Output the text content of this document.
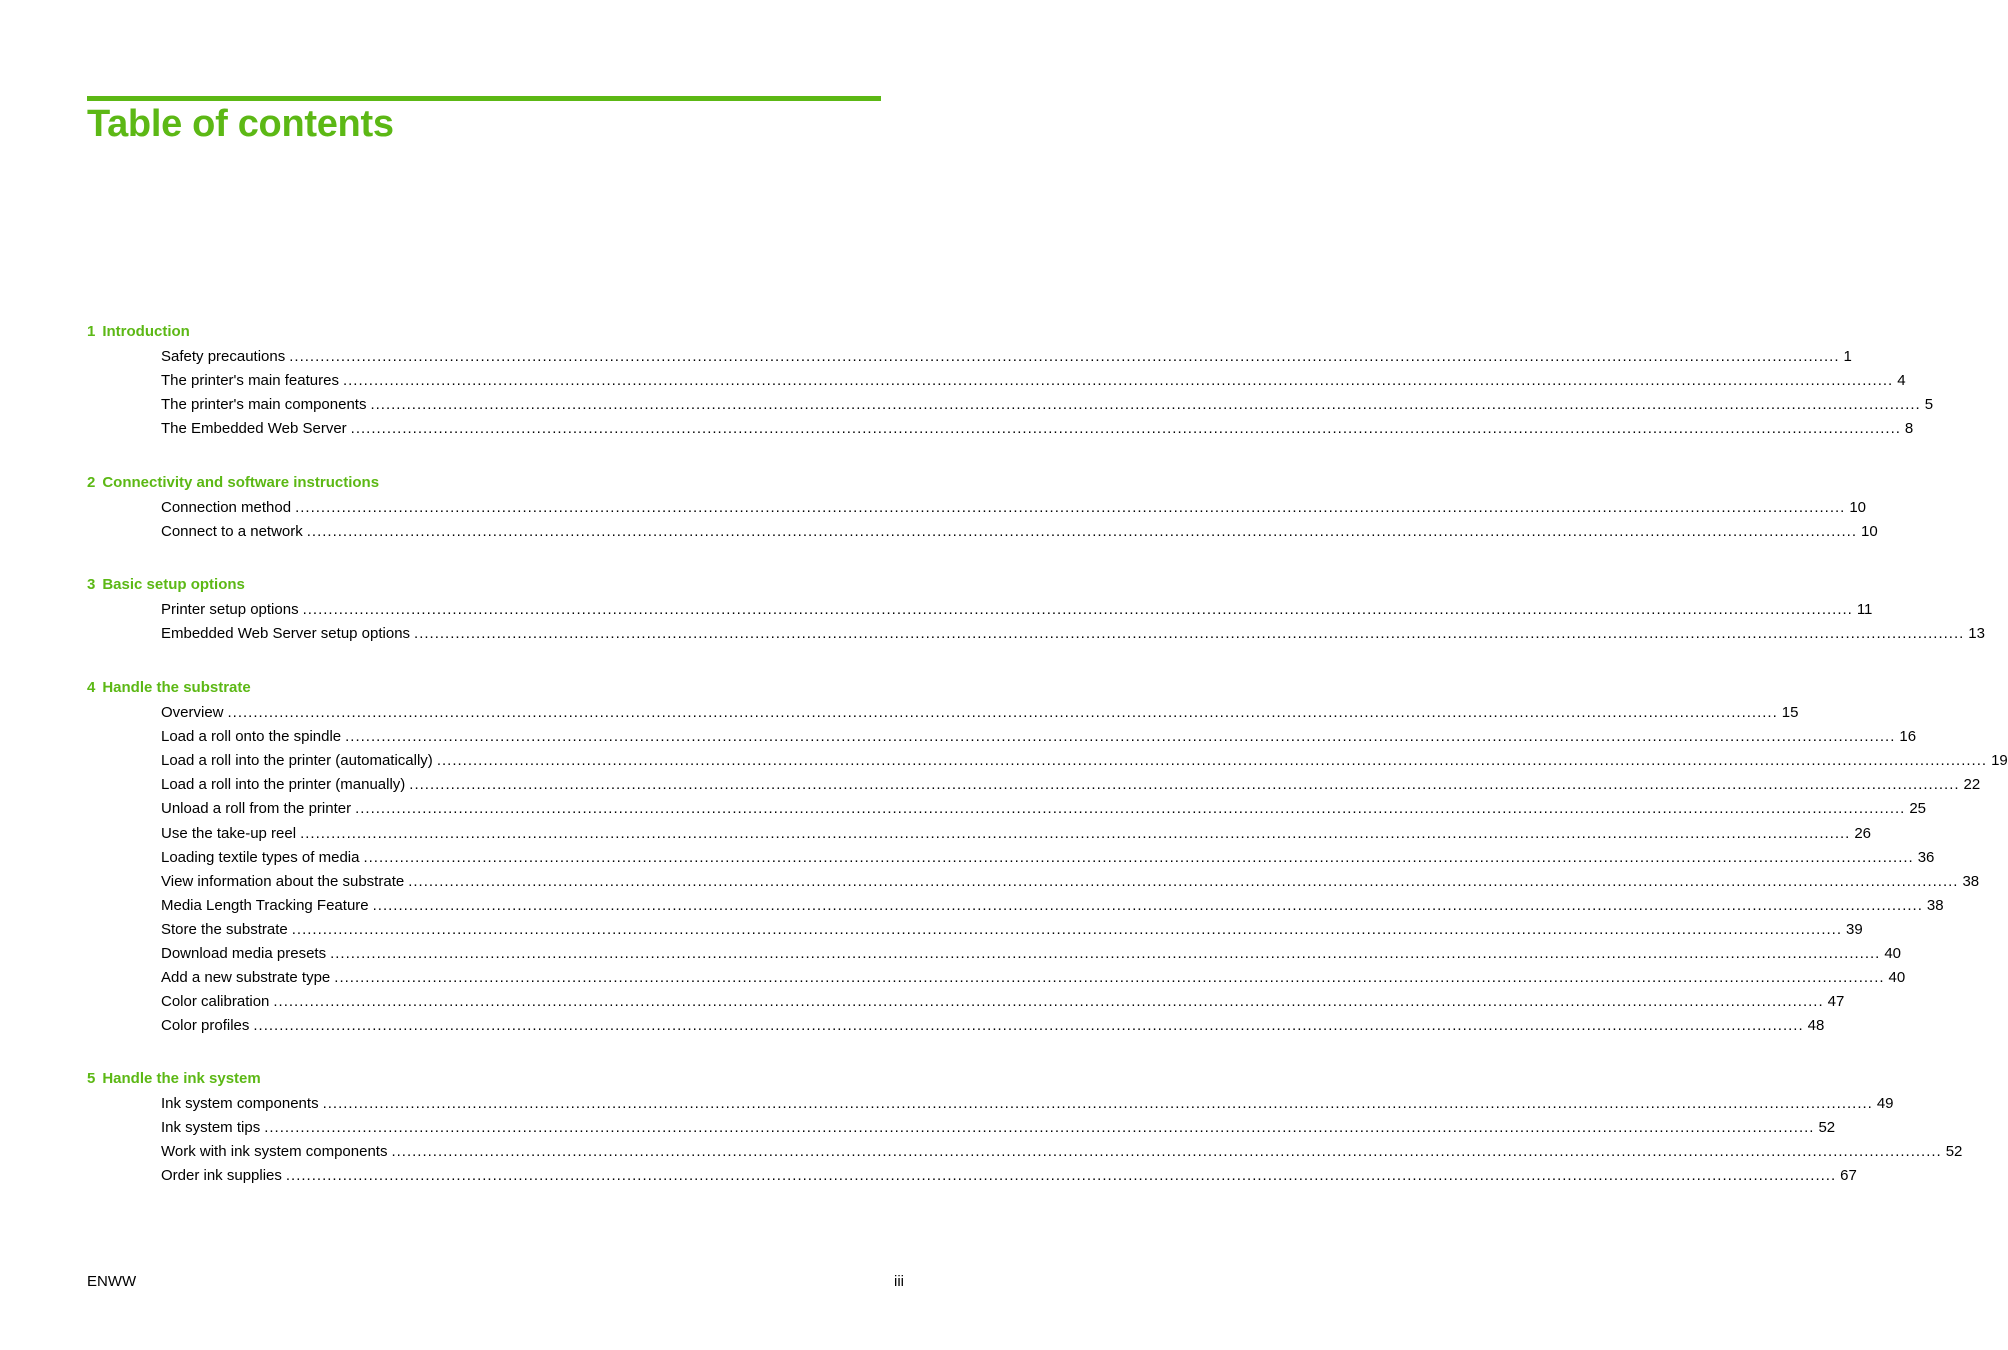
Table of contents
1 Introduction
Safety precautions ............................................................................................................................................................................................................................................................................................................ 1
The printer's main features ............................................................................................................................................................................................................................................................................................................ 4
The printer's main components ............................................................................................................................................................................................................................................................................................................ 5
The Embedded Web Server ............................................................................................................................................................................................................................................................................................................ 8
2 Connectivity and software instructions
Connection method ............................................................................................................................................................................................................................................................................................................ 10
Connect to a network ............................................................................................................................................................................................................................................................................................................ 10
3 Basic setup options
Printer setup options ............................................................................................................................................................................................................................................................................................................ 11
Embedded Web Server setup options ............................................................................................................................................................................................................................................................................................................ 13
4 Handle the substrate
Overview ............................................................................................................................................................................................................................................................................................................ 15
Load a roll onto the spindle ............................................................................................................................................................................................................................................................................................................ 16
Load a roll into the printer (automatically) ............................................................................................................................................................................................................................................................................................................ 19
Load a roll into the printer (manually) ............................................................................................................................................................................................................................................................................................................ 22
Unload a roll from the printer ............................................................................................................................................................................................................................................................................................................ 25
Use the take-up reel ............................................................................................................................................................................................................................................................................................................ 26
Loading textile types of media ............................................................................................................................................................................................................................................................................................................ 36
View information about the substrate ............................................................................................................................................................................................................................................................................................................ 38
Media Length Tracking Feature ............................................................................................................................................................................................................................................................................................................ 38
Store the substrate ............................................................................................................................................................................................................................................................................................................ 39
Download media presets ............................................................................................................................................................................................................................................................................................................ 40
Add a new substrate type ............................................................................................................................................................................................................................................................................................................ 40
Color calibration ............................................................................................................................................................................................................................................................................................................ 47
Color profiles ............................................................................................................................................................................................................................................................................................................ 48
5 Handle the ink system
Ink system components ............................................................................................................................................................................................................................................................................................................ 49
Ink system tips ............................................................................................................................................................................................................................................................................................................ 52
Work with ink system components ............................................................................................................................................................................................................................................................................................................ 52
Order ink supplies ............................................................................................................................................................................................................................................................................................................ 67
ENWW	iii
